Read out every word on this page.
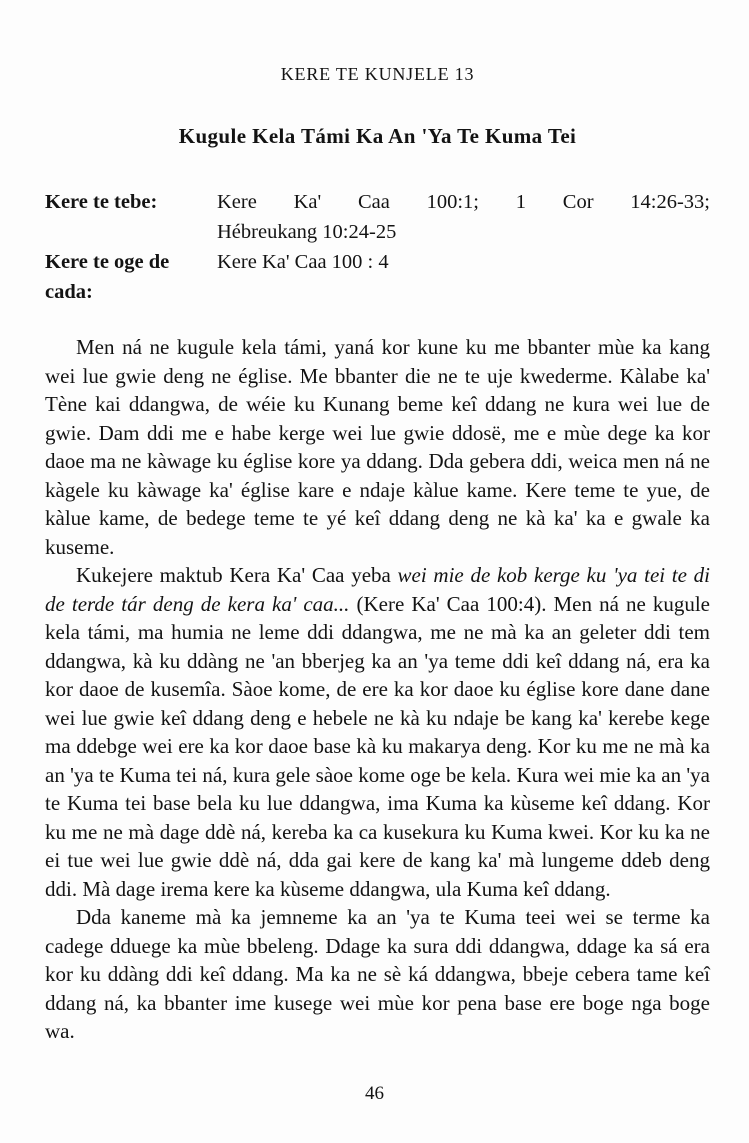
KERE TE KUNJELE 13
Kugule Kela Támi Ka An 'Ya Te Kuma Tei
Kere te tebe:	Kere Ka' Caa 100:1; 1 Cor 14:26-33;
Hébreukang 10:24-25
Kere te oge de cada:
Kere Ka' Caa 100 : 4

Men ná ne kugule kela támi, yaná kor kune ku me bbanter mùe ka kang wei lue gwie deng ne église. Me bbanter die ne te uje kwederme. Kàlabe ka' Tène kai ddangwa, de wéie ku Kunang beme keî ddang ne kura wei lue de gwie. Dam ddi me e habe kerge wei lue gwie ddosë, me e mùe dege ka kor daoe ma ne kàwage ku église kore ya ddang. Dda gebera ddi, weica men ná ne kàgele ku kàwage ka' église kare e ndaje kàlue kame. Kere teme te yue, de kàlue kame, de bedege teme te yé keî ddang deng ne kà ka' ka e gwale ka kuseme.

Kukejere maktub Kera Ka' Caa yeba wei mie de kob kerge ku 'ya tei te di de terde tár deng de kera ka' caa... (Kere Ka' Caa 100:4). Men ná ne kugule kela támi, ma humia ne leme ddi ddangwa, me ne mà ka an geleter ddi tem ddangwa, kà ku ddàng ne 'an bberjeg ka an 'ya teme ddi keî ddang ná, era ka kor daoe de kusemîa. Sàoe kome, de ere ka kor daoe ku église kore dane dane wei lue gwie keî ddang deng e hebele ne kà ku ndaje be kang ka' kerebe kege ma ddebge wei ere ka kor daoe base kà ku makarya deng. Kor ku me ne mà ka an 'ya te Kuma tei ná, kura gele sàoe kome oge be kela. Kura wei mie ka an 'ya te Kuma tei base bela ku lue ddangwa, ima Kuma ka kùseme keî ddang. Kor ku me ne mà dage ddè ná, kereba ka ca kusekura ku Kuma kwei. Kor ku ka ne ei tue wei lue gwie ddè ná, dda gai kere de kang ka' mà lungeme ddeb deng ddi. Mà dage irema kere ka kùseme ddangwa, ula Kuma keî ddang.

Dda kaneme mà ka jemneme ka an 'ya te Kuma teei wei se terme ka cadege dduege ka mùe bbeleng. Ddage ka sura ddi ddangwa, ddage ka sá era kor ku ddàng ddi keî ddang. Ma ka ne sè ká ddangwa, bbeje cebera tame keî ddang ná, ka bbanter ime kusege wei mùe kor pena base ere boge nga boge wa.

46
